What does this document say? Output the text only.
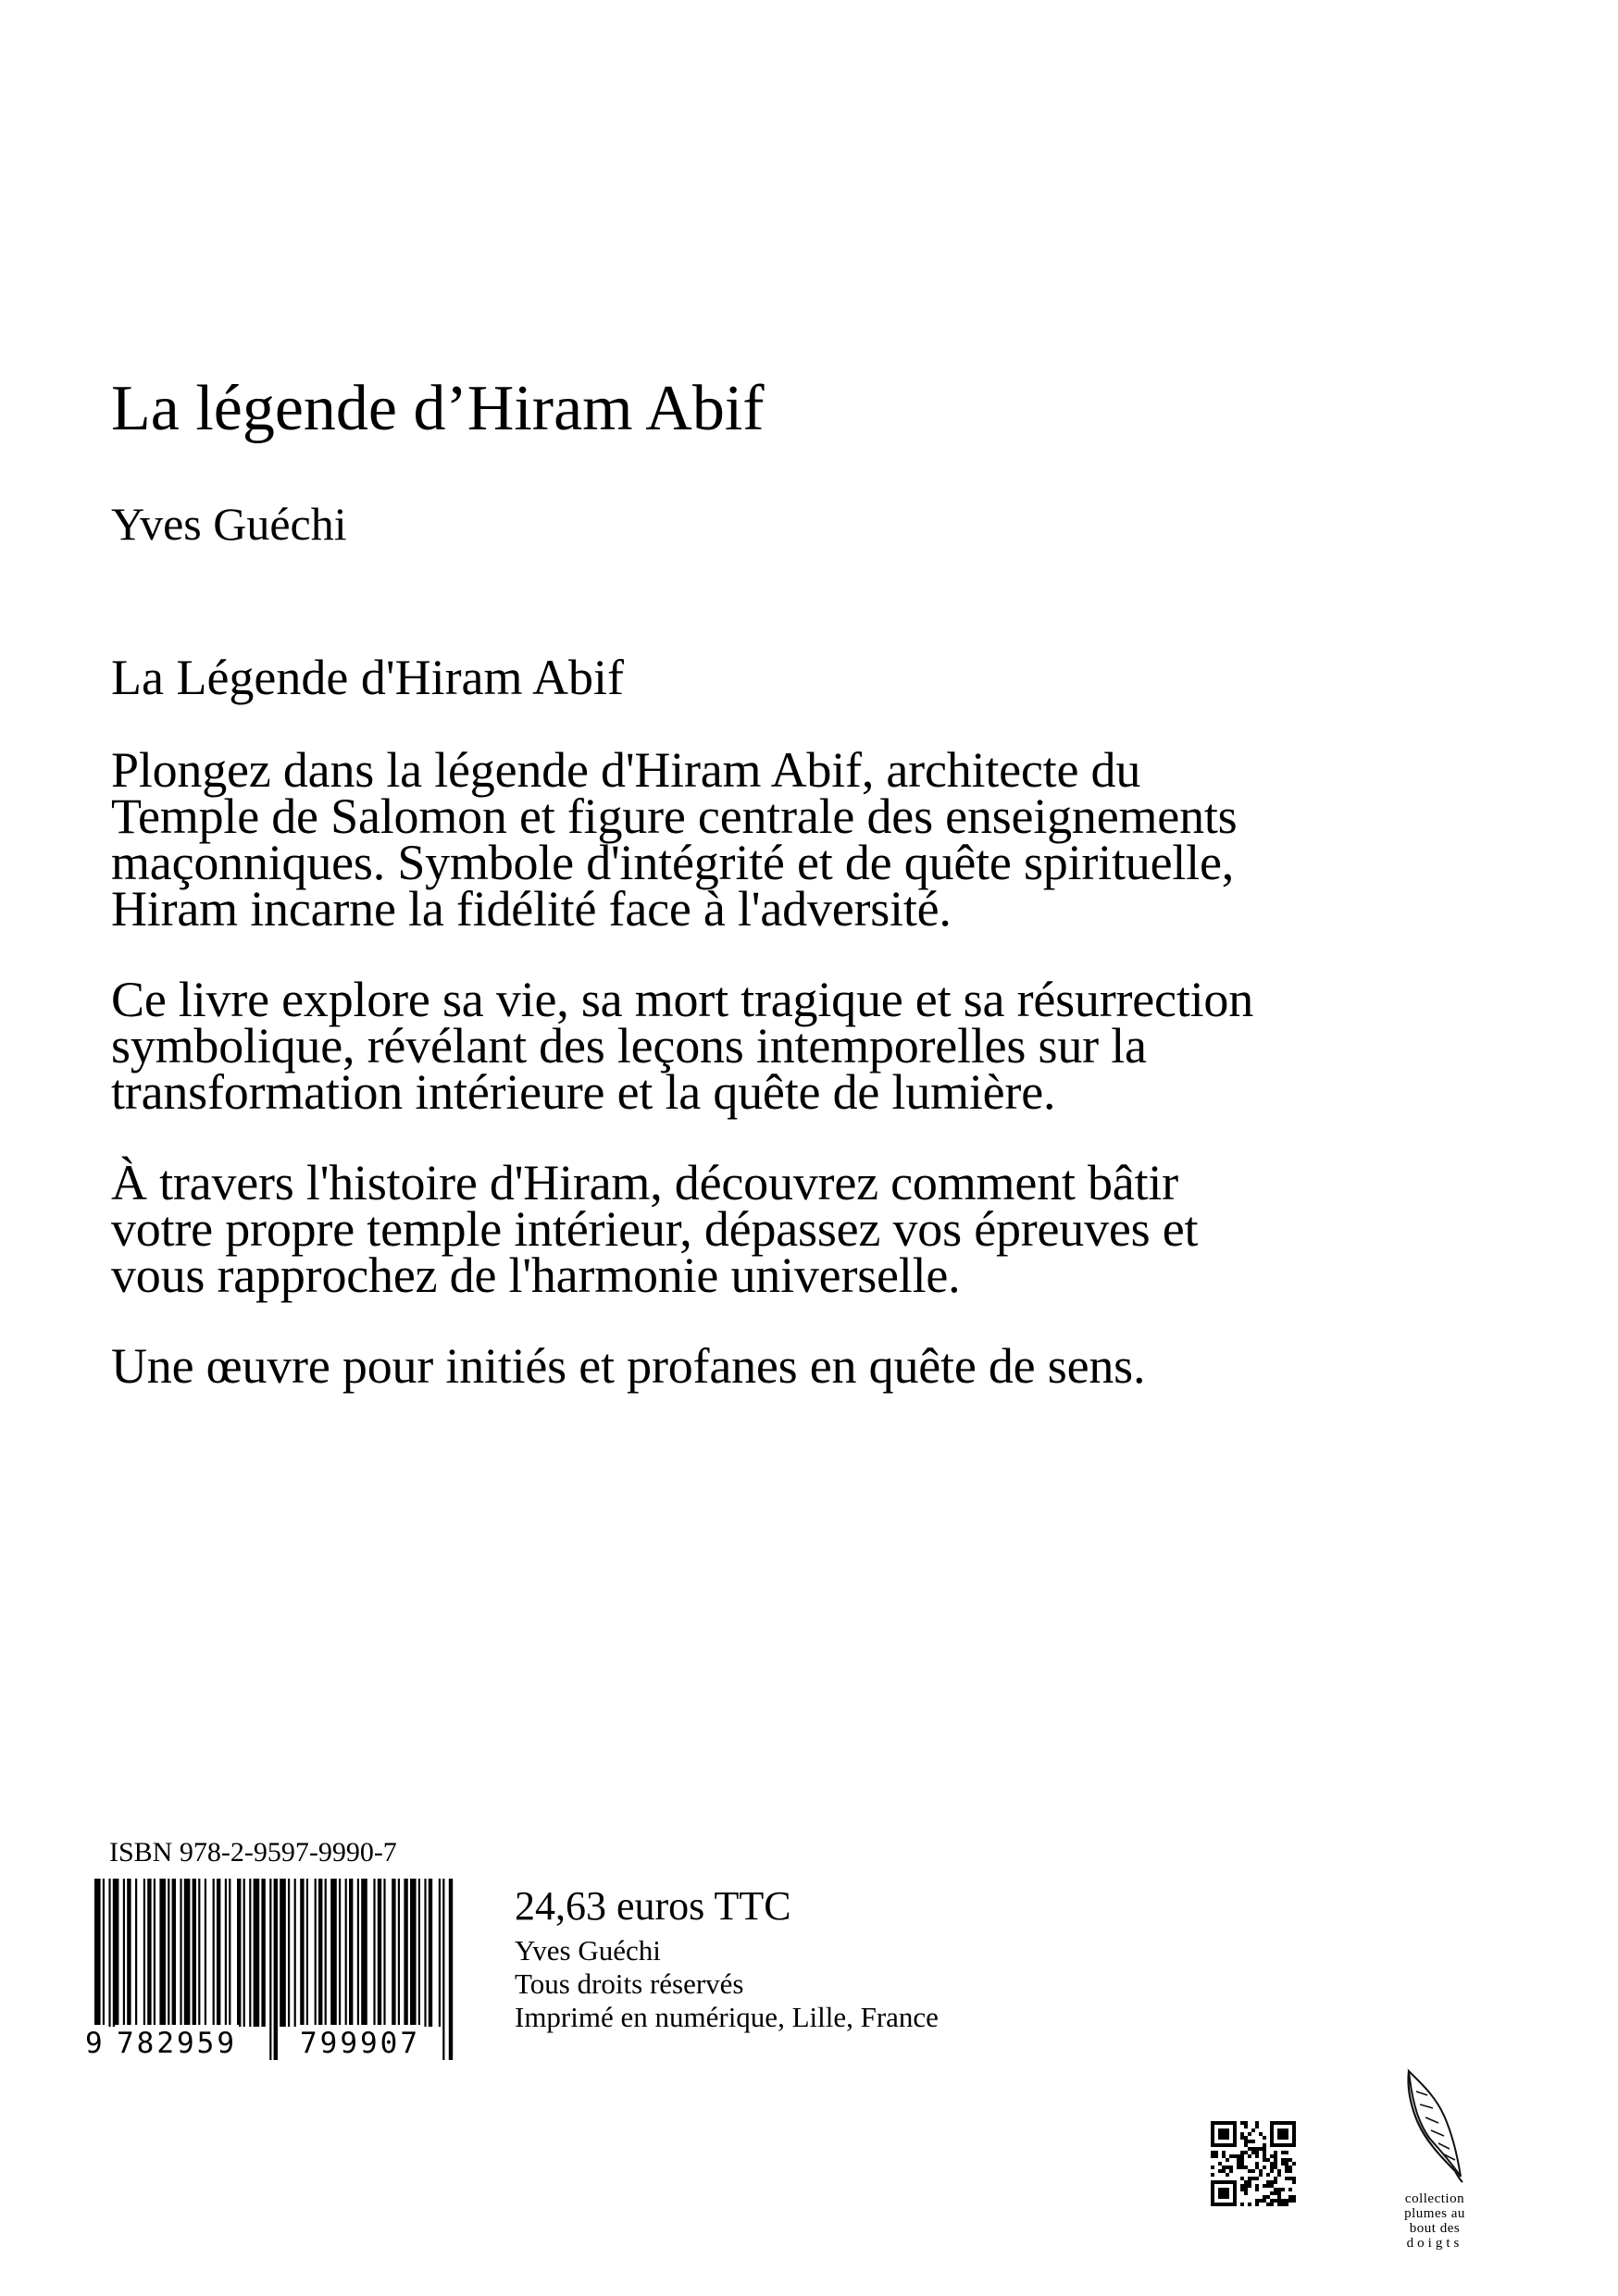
La légende d’Hiram Abif
Yves Guéchi
La Légende d'Hiram Abif

Plongez dans la légende d'Hiram Abif, architecte du Temple de Salomon et figure centrale des enseignements maçonniques. Symbole d'intégrité et de quête spirituelle, Hiram incarne la fidélité face à l'adversité.

Ce livre explore sa vie, sa mort tragique et sa résurrection symbolique, révélant des leçons intemporelles sur la transformation intérieure et la quête de lumière.

À travers l'histoire d'Hiram, découvrez comment bâtir votre propre temple intérieur, dépassez vos épreuves et vous rapprochez de l'harmonie universelle.

Une œuvre pour initiés et profanes en quête de sens.

ISBN 978-2-9597-9990-7
9 782959 799907
24,63 euros TTC
Yves Guéchi
Tous droits réservés
Imprimé en numérique, Lille, France
collection
plumes au
bout des
doigts
